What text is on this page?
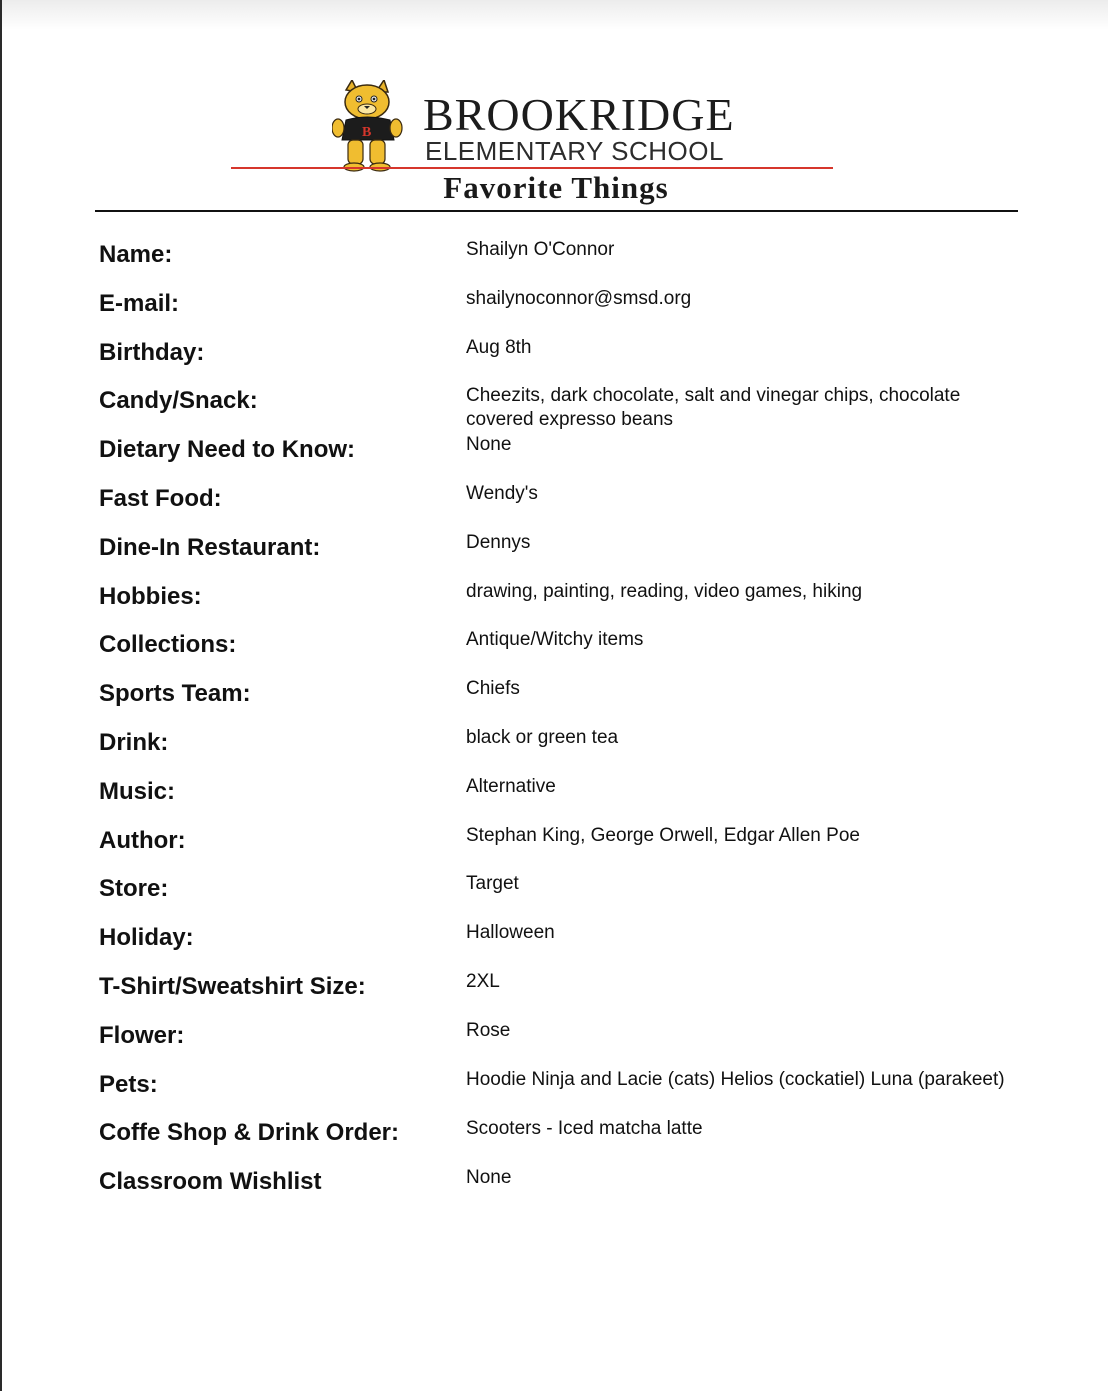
B BROOKRIDGE
ELEMENTARY SCHOOL
Favorite Things
Name:	Shailyn O'Connor
E-mail:	shailynoconnor@smsd.org
Birthday:	Aug 8th
Candy/Snack:	Cheezits, dark chocolate, salt and vinegar chips, chocolate covered expresso beans
Dietary Need to Know:	None
Fast Food:	Wendy's
Dine-In Restaurant:	Dennys
Hobbies:	drawing, painting, reading, video games, hiking
Collections:	Antique/Witchy items
Sports Team:	Chiefs
Drink:	black or green tea
Music:	Alternative
Author:	Stephan King, George Orwell, Edgar Allen Poe
Store:	Target
Holiday:	Halloween
T-Shirt/Sweatshirt Size:	2XL
Flower:	Rose
Pets:	Hoodie Ninja and Lacie (cats) Helios (cockatiel) Luna (parakeet)
Coffe Shop & Drink Order:	Scooters - Iced matcha latte
Classroom Wishlist	None
